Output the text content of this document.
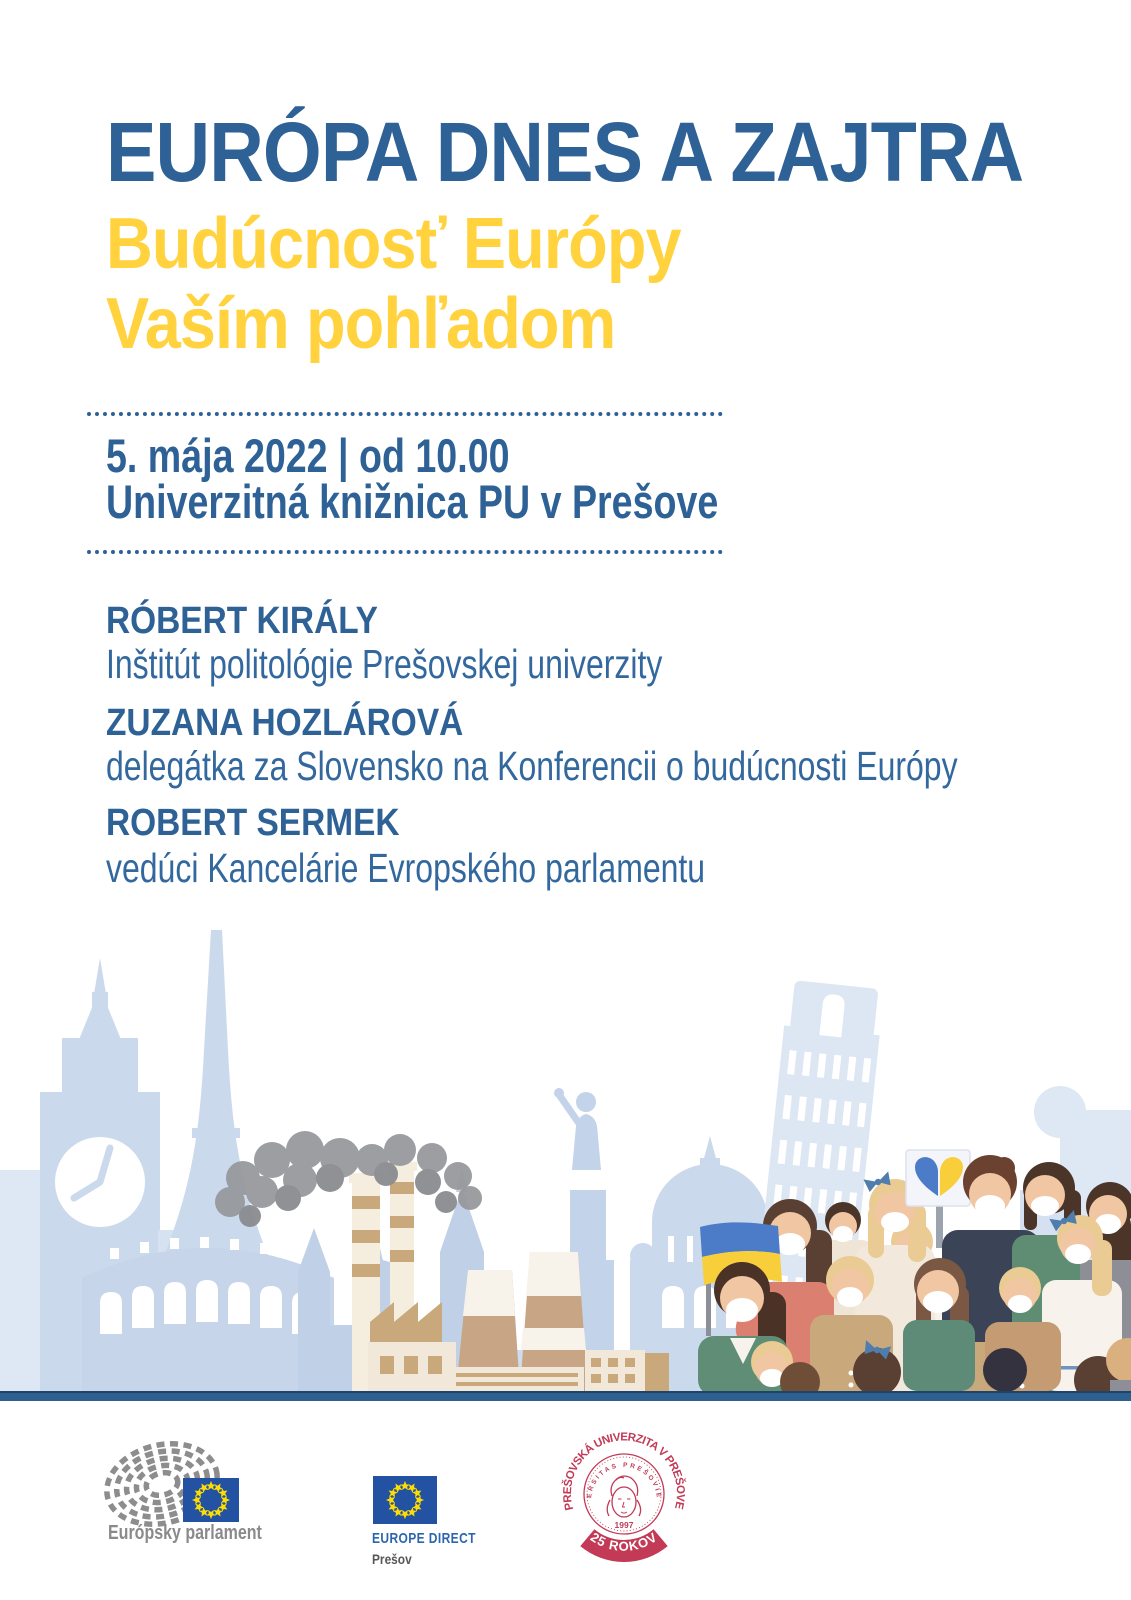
EURÓPA DNES A ZAJTRA
Budúcnosť Európy
Vaším pohľadom
5. mája 2022 | od 10.00
Univerzitná knižnica PU v Prešove
RÓBERT KIRÁLY
Inštitút politológie Prešovskej univerzity
ZUZANA HOZLÁROVÁ
delegátka za Slovensko na Konferencii o budúcnosti Európy
ROBERT SERMEK
vedúci Kancelárie Evropského parlamentu
Európsky parlament	EUROPE DIRECT
Prešov
PREŠOVSKÁ UNIVERZITA V PREŠOVE
UNIVERSITAS PREŠOVIENSIS
1997
25 ROKOV
